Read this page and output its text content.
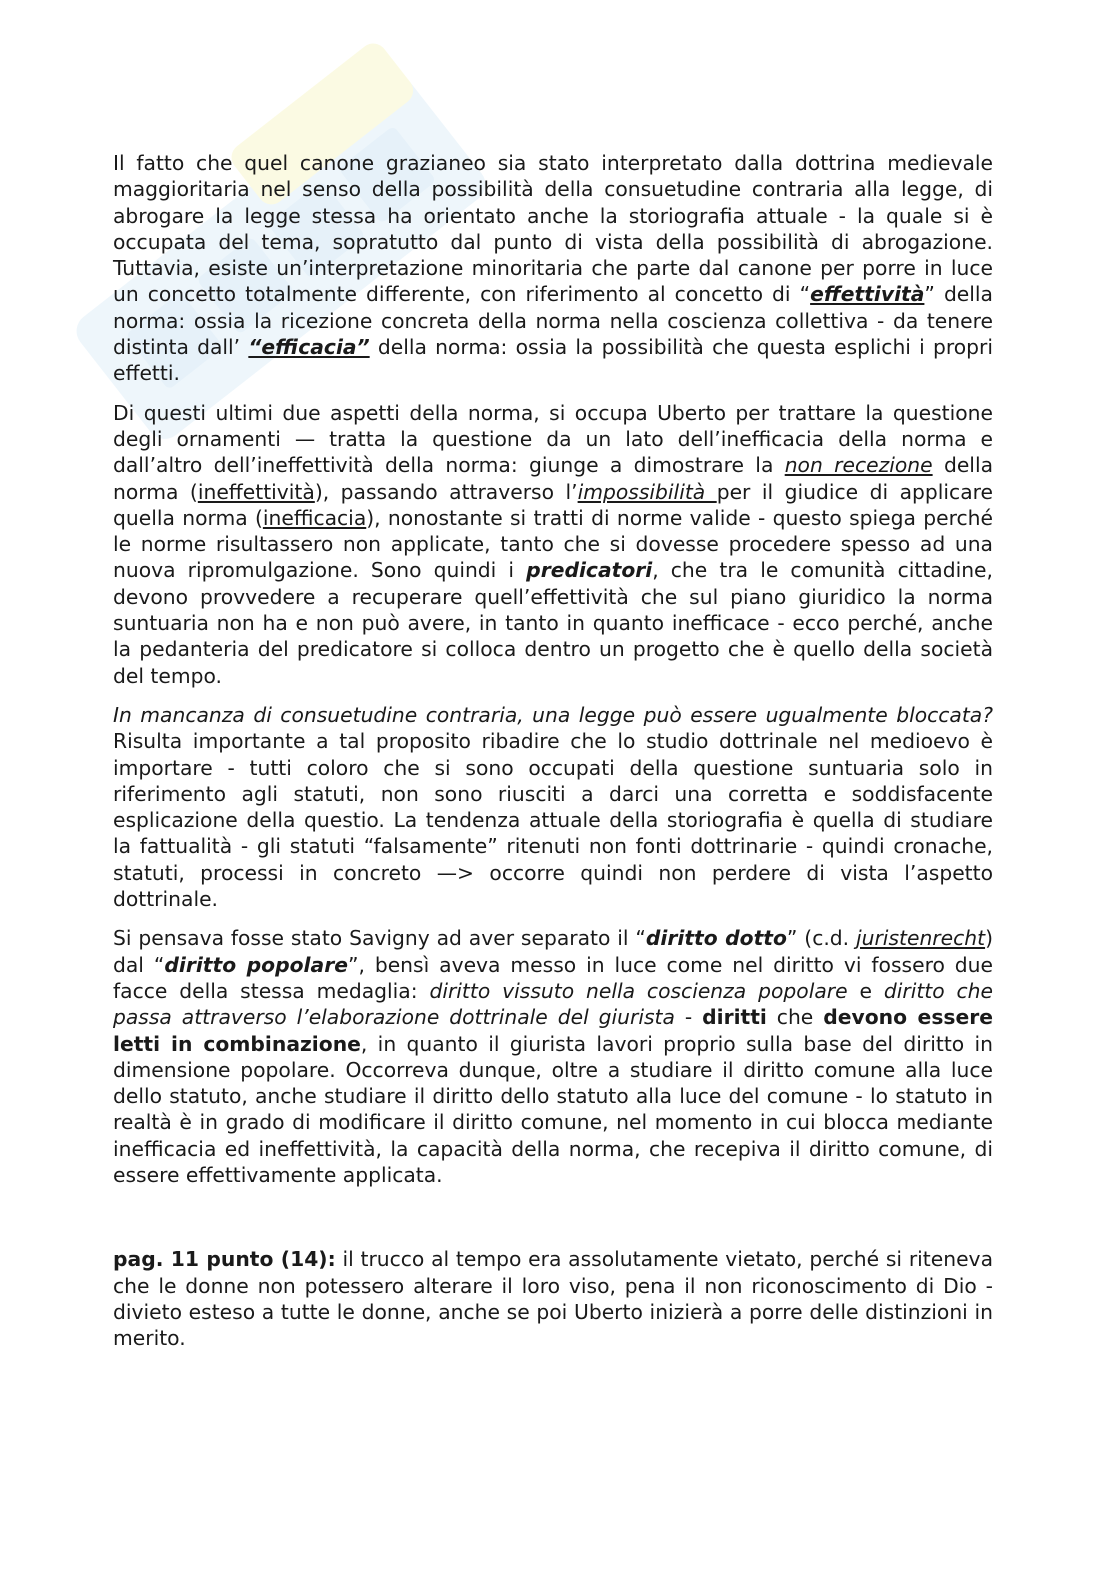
Il fatto che quel canone grazianeo sia stato interpretato dalla dottrina medievale maggioritaria nel senso della possibilità della consuetudine contraria alla legge, di abrogare la legge stessa ha orientato anche la storiografia attuale - la quale si è occupata del tema, sopratutto dal punto di vista della possibilità di abrogazione. Tuttavia, esiste un’interpretazione minoritaria che parte dal canone per porre in luce un concetto totalmente differente, con riferimento al concetto di “effettività” della norma: ossia la ricezione concreta della norma nella coscienza collettiva - da tenere distinta dall’ “efficacia” della norma: ossia la possibilità che questa esplichi i propri effetti.

Di questi ultimi due aspetti della norma, si occupa Uberto per trattare la questione degli ornamenti — tratta la questione da un lato dell’inefficacia della norma e dall’altro dell’ineffettività della norma: giunge a dimostrare la non recezione della norma (ineffettività), passando attraverso l’impossibilità per il giudice di applicare quella norma (inefficacia), nonostante si tratti di norme valide - questo spiega perché le norme risultassero non applicate, tanto che si dovesse procedere spesso ad una nuova ripromulgazione. Sono quindi i predicatori, che tra le comunità cittadine, devono provvedere a recuperare quell’effettività che sul piano giuridico la norma suntuaria non ha e non può avere, in tanto in quanto inefficace - ecco perché, anche la pedanteria del predicatore si colloca dentro un progetto che è quello della società del tempo.

In mancanza di consuetudine contraria, una legge può essere ugualmente bloccata? Risulta importante a tal proposito ribadire che lo studio dottrinale nel medioevo è importare - tutti coloro che si sono occupati della questione suntuaria solo in riferimento agli statuti, non sono riusciti a darci una corretta e soddisfacente esplicazione della questio. La tendenza attuale della storiografia è quella di studiare la fattualità - gli statuti “falsamente” ritenuti non fonti dottrinarie - quindi cronache, statuti, processi in concreto —> occorre quindi non perdere di vista l’aspetto dottrinale.

Si pensava fosse stato Savigny ad aver separato il “diritto dotto” (c.d. juristenrecht) dal “diritto popolare”, bensì aveva messo in luce come nel diritto vi fossero due facce della stessa medaglia: diritto vissuto nella coscienza popolare e diritto che passa attraverso l’elaborazione dottrinale del giurista - diritti che devono essere letti in combinazione, in quanto il giurista lavori proprio sulla base del diritto in dimensione popolare. Occorreva dunque, oltre a studiare il diritto comune alla luce dello statuto, anche studiare il diritto dello statuto alla luce del comune - lo statuto in realtà è in grado di modificare il diritto comune, nel momento in cui blocca mediante inefficacia ed ineffettività, la capacità della norma, che recepiva il diritto comune, di essere effettivamente applicata.

pag. 11 punto (14): il trucco al tempo era assolutamente vietato, perché si riteneva che le donne non potessero alterare il loro viso, pena il non riconoscimento di Dio - divieto esteso a tutte le donne, anche se poi Uberto inizierà a porre delle distinzioni in merito.
